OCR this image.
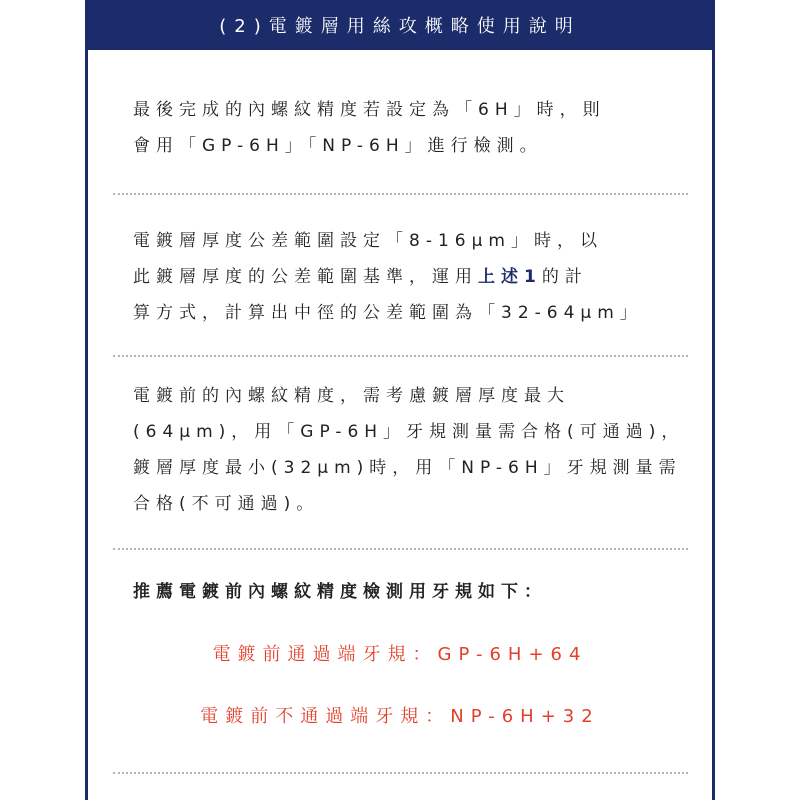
(2)電鍍層用絲攻概略使用說明
最後完成的內螺紋精度若設定為「6H」時，則
會用「GP-6H」「NP-6H」進行檢測。
電鍍層厚度公差範圍設定「8-16μm」時，以
此鍍層厚度的公差範圍基準，運用上述1的計
算方式，計算出中徑的公差範圍為「32-64μm」
電鍍前的內螺紋精度，需考慮鍍層厚度最大
(64μm)，用「GP-6H」牙規測量需合格(可通過)，
鍍層厚度最小(32μm)時，用「NP-6H」牙規測量需
合格(不可通過)。
推薦電鍍前內螺紋精度檢測用牙規如下：
電鍍前通過端牙規：GP-6H+64
電鍍前不通過端牙規：NP-6H+32
